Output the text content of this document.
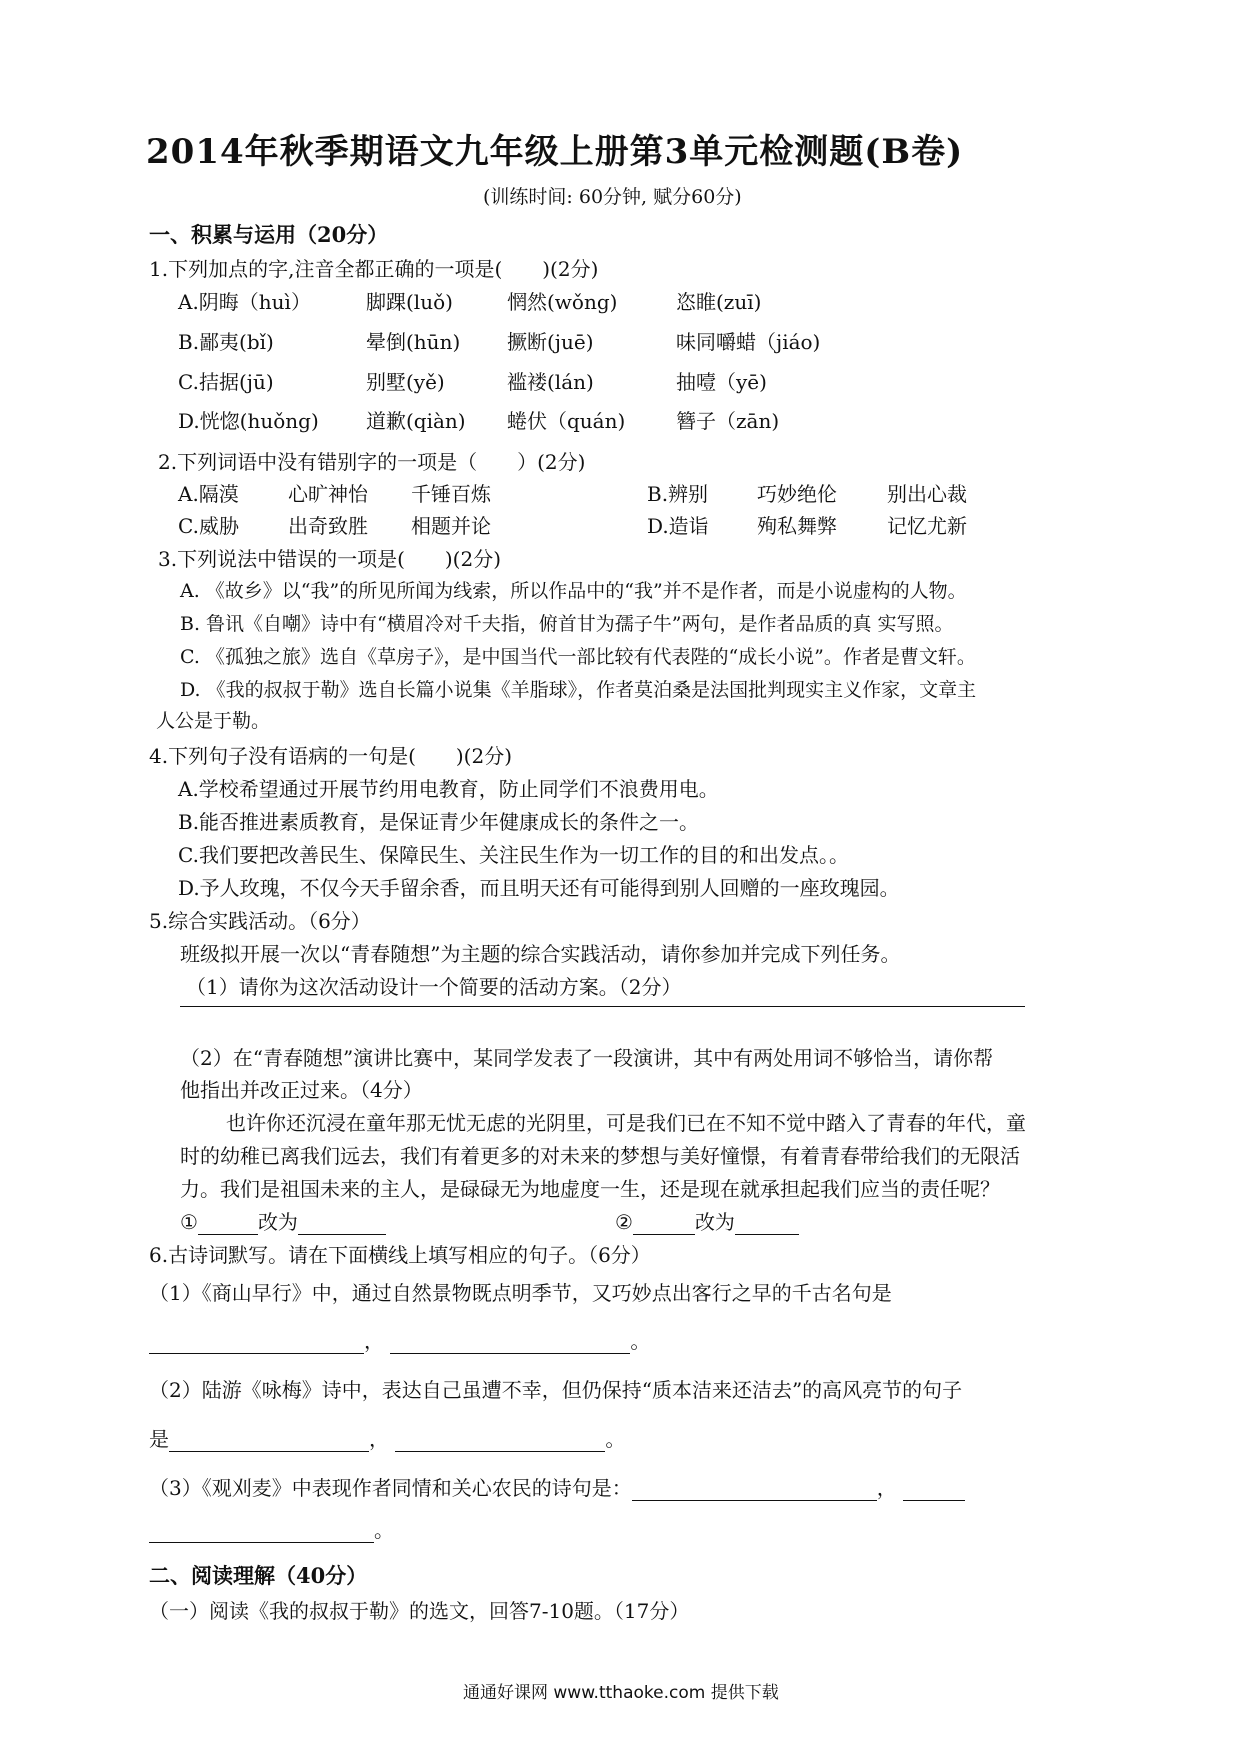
2014年秋季期语文九年级上册第3单元检测题(B卷)
(训练时间: 60分钟, 赋分60分)
一、积累与运用（20分）
1.下列加点的字,注音全都正确的一项是(　　)(2分)
A.阴晦（huì）	脚踝(luǒ)	惘然(wǒng)	恣睢(zuī)
B.鄙夷(bǐ)	晕倒(hūn) 撅断(juē)	味同嚼蜡（jiáo)
C.拮据(jū)	别墅(yě)	褴褛(lán)	抽噎（yē)
D.恍惚(huǒng) 道歉(qiàn) 蜷伏（quán)	簪子（zān)
2.下列词语中没有错别字的一项是（　　）(2分)
A.隔漠 心旷神怡 千锤百炼	B.辨别 巧妙绝伦	别出心裁
C.威胁 出奇致胜 相题并论	D.造诣 殉私舞弊	记忆尤新
3.下列说法中错误的一项是(　　)(2分)
A. 《故乡》以“我”的所见所闻为线索，所以作品中的“我”并不是作者，而是小说虚构的人物。
B. 鲁讯《自嘲》诗中有“横眉冷对千夫指，俯首甘为孺子牛”两句，是作者品质的真 实写照。
C. 《孤独之旅》选自《草房子》，是中国当代一部比较有代表陛的“成长小说”。作者是曹文轩。
D. 《我的叔叔于勒》选自长篇小说集《羊脂球》，作者莫泊桑是法国批判现实主义作家，文章主
人公是于勒。
4.下列句子没有语病的一句是(　　)(2分)
A.学校希望通过开展节约用电教育，防止同学们不浪费用电。
B.能否推进素质教育，是保证青少年健康成长的条件之一。
C.我们要把改善民生、保障民生、关注民生作为一切工作的目的和出发点。。
D.予人玫瑰，不仅今天手留余香，而且明天还有可能得到别人回赠的一座玫瑰园。
5.综合实践活动。（6分）
班级拟开展一次以“青春随想”为主题的综合实践活动，请你参加并完成下列任务。
（1）请你为这次活动设计一个简要的活动方案。（2分）
（2）在“青春随想”演讲比赛中，某同学发表了一段演讲，其中有两处用词不够恰当，请你帮
他指出并改正过来。（4分）
也许你还沉浸在童年那无忧无虑的光阴里，可是我们已在不知不觉中踏入了青春的年代，童
时的幼稚已离我们远去，我们有着更多的对未来的梦想与美好憧憬，有着青春带给我们的无限活
力。我们是祖国未来的主人，是碌碌无为地虚度一生，还是现在就承担起我们应当的责任呢？
①	改为	②	改为
6.古诗词默写。请在下面横线上填写相应的句子。（6分）
（1）《商山早行》中，通过自然景物既点明季节，又巧妙点出客行之早的千古名句是
，	。
（2）陆游《咏梅》诗中，表达自己虽遭不幸，但仍保持“质本洁来还洁去”的高风亮节的句子
是	，	。
（3）《观刈麦》中表现作者同情和关心农民的诗句是：	，
。
二、阅读理解（40分）
（一）阅读《我的叔叔于勒》的选文，回答7-10题。（17分）
通通好课网 www.tthaoke.com 提供下载
